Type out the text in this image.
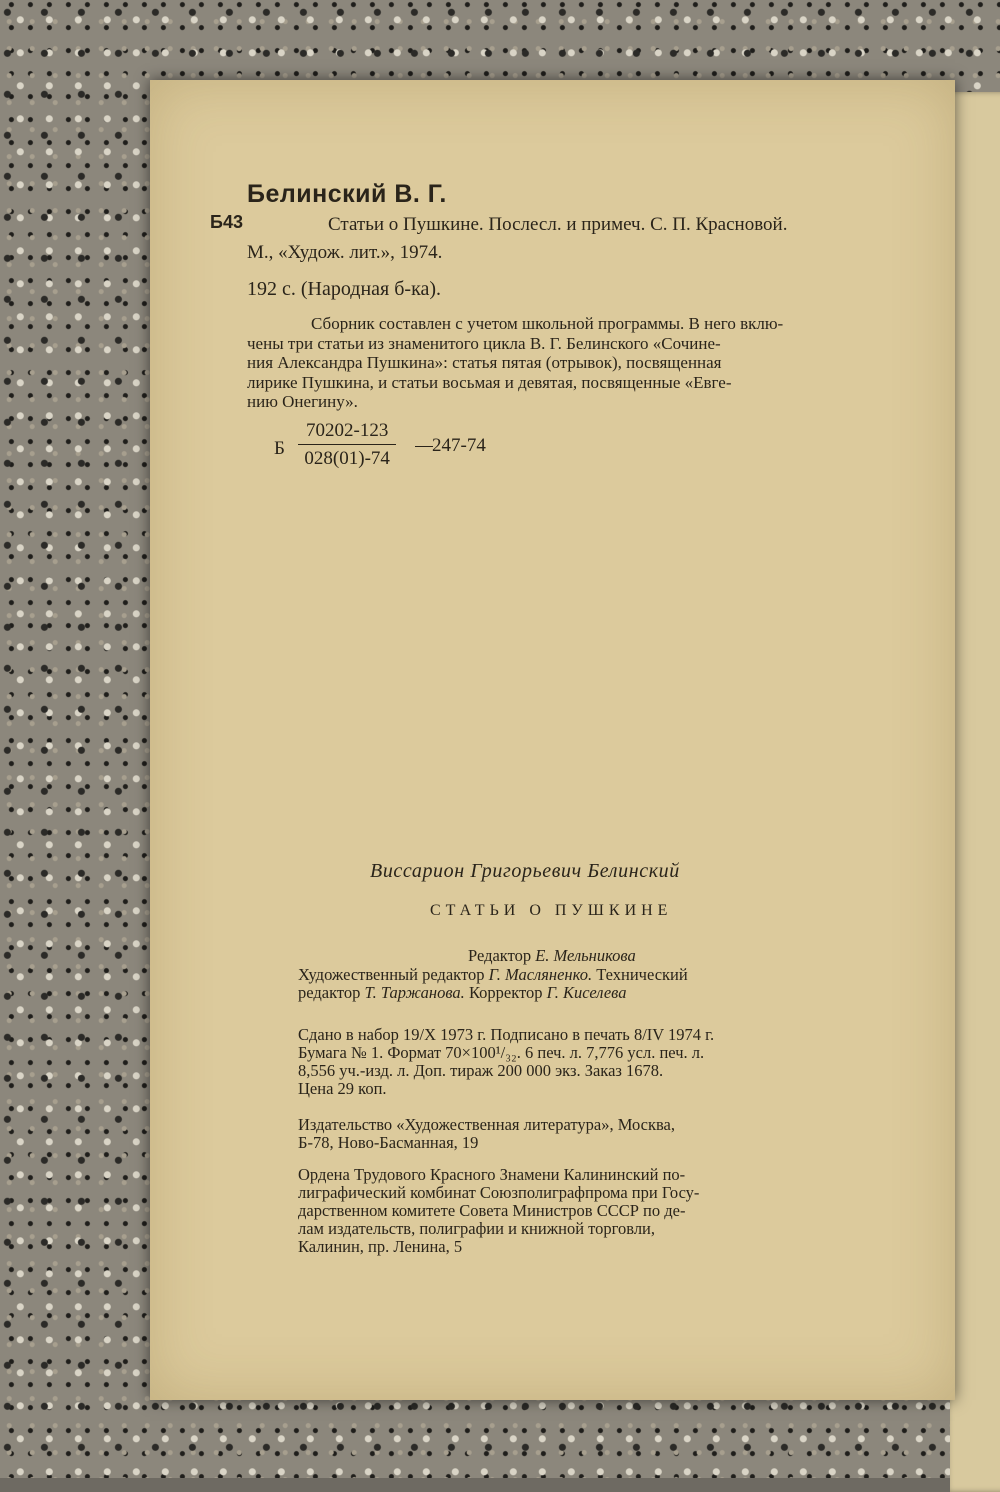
Белинский В. Г.
Б43	Статьи о Пушкине. Послесл. и примеч. С. П. Красновой.
М., «Худож. лит.», 1974.
192 с. (Народная б-ка).
Сборник составлен с учетом школьной программы. В него вклю-
чены три статьи из знаменитого цикла В. Г. Белинского «Сочине-
ния Александра Пушкина»: статья пятая (отрывок), посвященная
лирике Пушкина, и статьи восьмая и девятая, посвященные «Евге-
нию Онегину».
Б $\frac{70202-123}{028(01)-74} 247-74$
Виссарион Григорьевич Белинский
СТАТЬИ О ПУШКИНЕ
Редактор Е. Мельникова
Художественный редактор Г. Масляненко. Технический
редактор Т. Таржанова. Корректор Г. Киселева
Сдано в набор 19/X 1973 г. Подписано в печать 8/IV 1974 г.
Бумага № 1. Формат 70×100¹/₃₂. 6 печ. л. 7,776 усл. печ. л.
8,556 уч.-изд. л. Доп. тираж 200 000 экз. Заказ 1678.
Цена 29 коп.
Издательство «Художественная литература», Москва,
Б-78, Ново-Басманная, 19
Ордена Трудового Красного Знамени Калининский по-
лиграфический комбинат Союзполиграфпрома при Госу-
дарственном комитете Совета Министров СССР по де-
лам издательств, полиграфии и книжной торговли,
Калинин, пр. Ленина, 5
